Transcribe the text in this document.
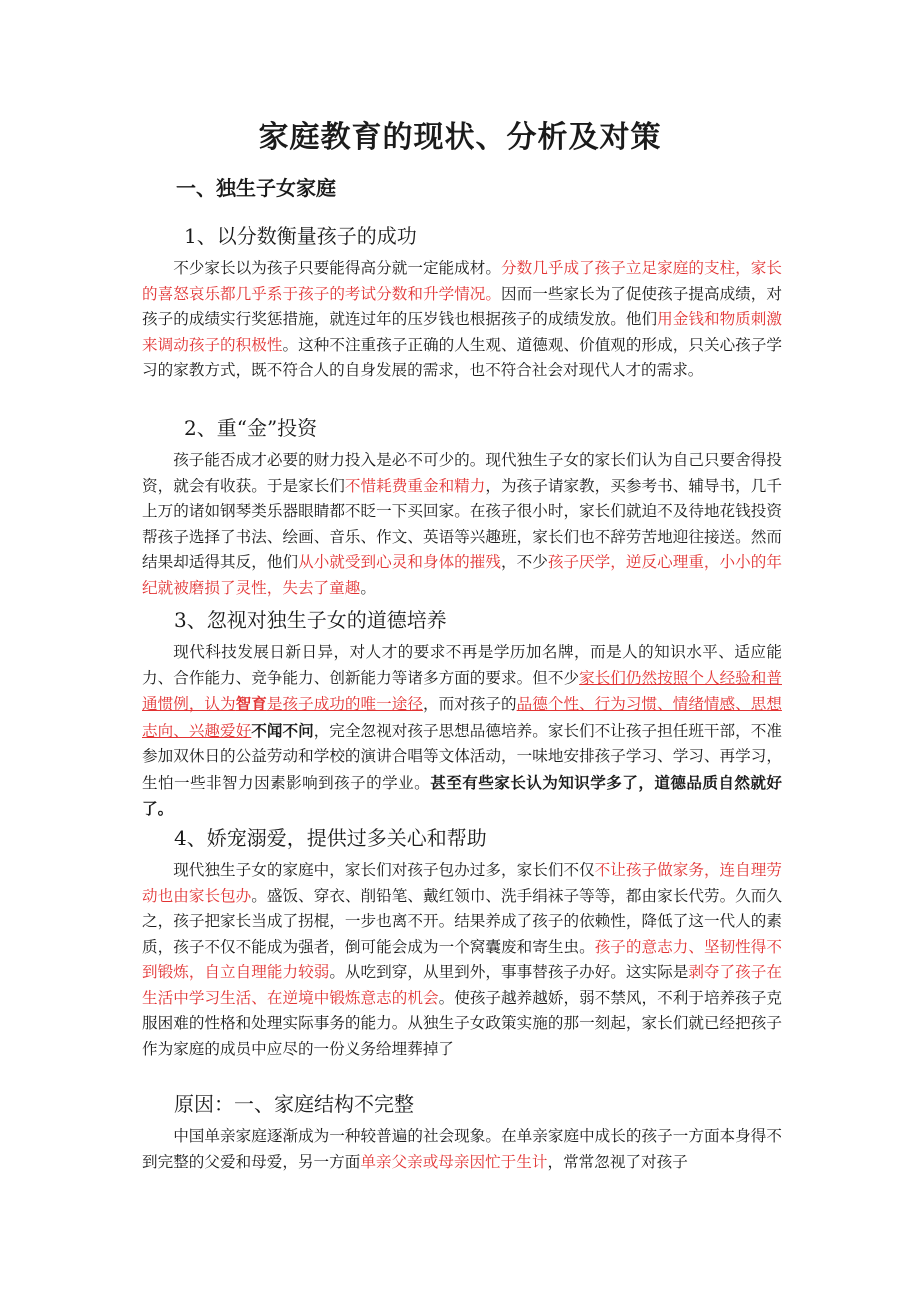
家庭教育的现状、分析及对策
一、独生子女家庭
1、以分数衡量孩子的成功

不少家长以为孩子只要能得高分就一定能成材。分数几乎成了孩子立足家庭的支柱，家长的喜怒哀乐都几乎系于孩子的考试分数和升学情况。因而一些家长为了促使孩子提高成绩，对孩子的成绩实行奖惩措施，就连过年的压岁钱也根据孩子的成绩发放。他们用金钱和物质刺激来调动孩子的积极性。这种不注重孩子正确的人生观、道德观、价值观的形成，只关心孩子学习的家教方式，既不符合人的自身发展的需求，也不符合社会对现代人才的需求。

2、重“金”投资

孩子能否成才必要的财力投入是必不可少的。现代独生子女的家长们认为自己只要舍得投资，就会有收获。于是家长们不惜耗费重金和精力，为孩子请家教，买参考书、辅导书，几千上万的诸如钢琴类乐器眼睛都不眨一下买回家。在孩子很小时，家长们就迫不及待地花钱投资帮孩子选择了书法、绘画、音乐、作文、英语等兴趣班，家长们也不辞劳苦地迎往接送。然而结果却适得其反，他们从小就受到心灵和身体的摧残，不少孩子厌学，逆反心理重，小小的年纪就被磨损了灵性，失去了童趣。

3、忽视对独生子女的道德培养

现代科技发展日新日异，对人才的要求不再是学历加名牌，而是人的知识水平、适应能力、合作能力、竞争能力、创新能力等诸多方面的要求。但不少家长们仍然按照个人经验和普通惯例，认为智育是孩子成功的唯一途径，而对孩子的品德个性、行为习惯、情绪情感、思想志向、兴趣爱好不闻不问，完全忽视对孩子思想品德培养。家长们不让孩子担任班干部，不准参加双休日的公益劳动和学校的演讲合唱等文体活动，一味地安排孩子学习、学习、再学习，生怕一些非智力因素影响到孩子的学业。甚至有些家长认为知识学多了，道德品质自然就好了。

4、娇宠溺爱，提供过多关心和帮助

现代独生子女的家庭中，家长们对孩子包办过多，家长们不仅不让孩子做家务，连自理劳动也由家长包办。盛饭、穿衣、削铅笔、戴红领巾、洗手绢袜子等等，都由家长代劳。久而久之，孩子把家长当成了拐棍，一步也离不开。结果养成了孩子的依赖性，降低了这一代人的素质，孩子不仅不能成为强者，倒可能会成为一个窝囊废和寄生虫。孩子的意志力、坚韧性得不到锻炼，自立自理能力较弱。从吃到穿，从里到外，事事替孩子办好。这实际是剥夺了孩子在生活中学习生活、在逆境中锻炼意志的机会。使孩子越养越娇，弱不禁风，不利于培养孩子克服困难的性格和处理实际事务的能力。从独生子女政策实施的那一刻起，家长们就已经把孩子作为家庭的成员中应尽的一份义务给埋葬掉了

原因：一、家庭结构不完整

中国单亲家庭逐渐成为一种较普遍的社会现象。在单亲家庭中成长的孩子一方面本身得不到完整的父爱和母爱，另一方面单亲父亲或母亲因忙于生计，常常忽视了对孩子
